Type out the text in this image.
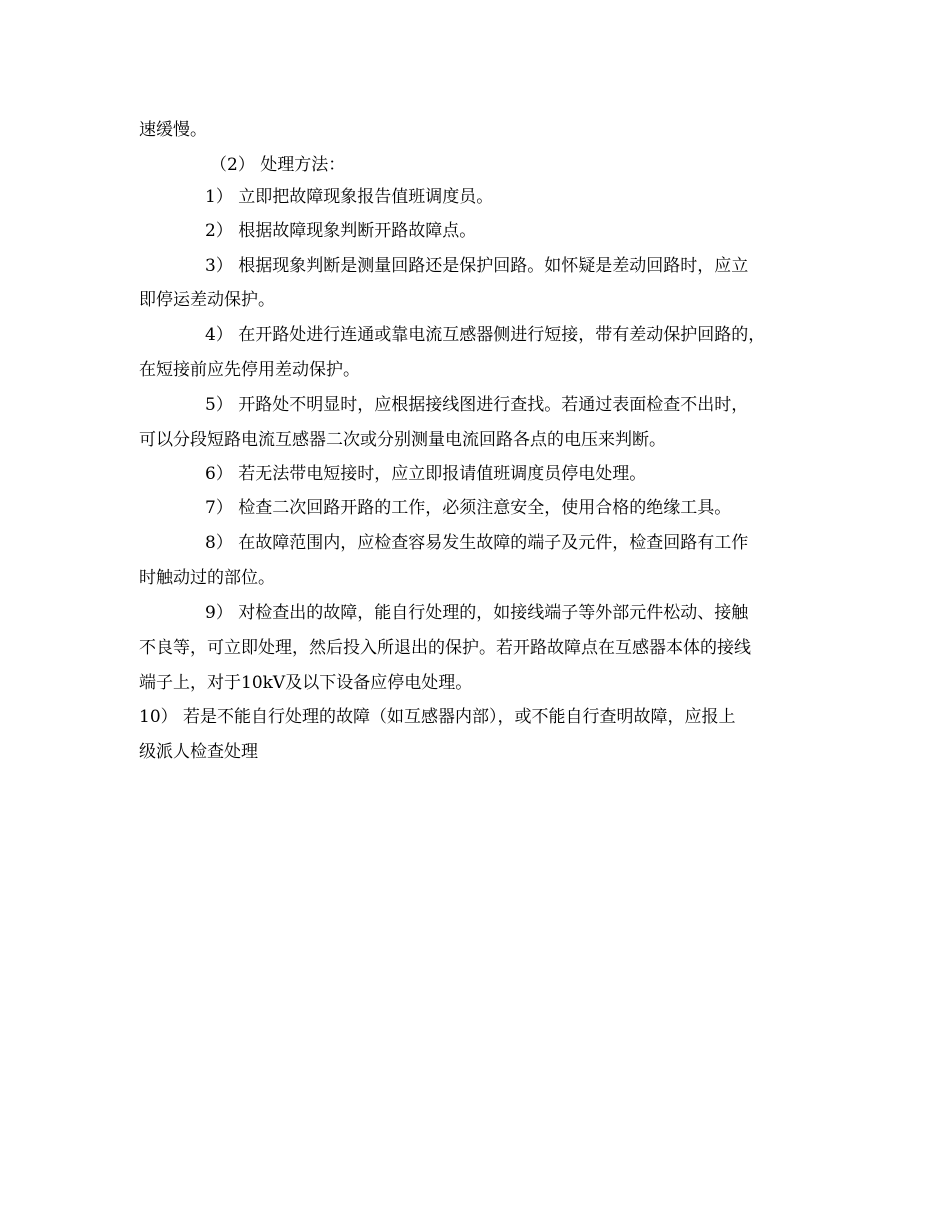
速缓慢。
（2） 处理方法：
1） 立即把故障现象报告值班调度员。
2） 根据故障现象判断开路故障点。
3） 根据现象判断是测量回路还是保护回路。如怀疑是差动回路时，应立
即停运差动保护。
4） 在开路处进行连通或靠电流互感器侧进行短接，带有差动保护回路的，
在短接前应先停用差动保护。
5） 开路处不明显时，应根据接线图进行查找。若通过表面检查不出时，
可以分段短路电流互感器二次或分别测量电流回路各点的电压来判断。
6） 若无法带电短接时，应立即报请值班调度员停电处理。
7） 检查二次回路开路的工作，必须注意安全，使用合格的绝缘工具。
8） 在故障范围内，应检查容易发生故障的端子及元件，检查回路有工作
时触动过的部位。
9） 对检查出的故障，能自行处理的，如接线端子等外部元件松动、接触
不良等，可立即处理，然后投入所退出的保护。若开路故障点在互感器本体的接线
端子上，对于10kV及以下设备应停电处理。
10） 若是不能自行处理的故障（如互感器内部），或不能自行查明故障，应报上
级派人检查处理
